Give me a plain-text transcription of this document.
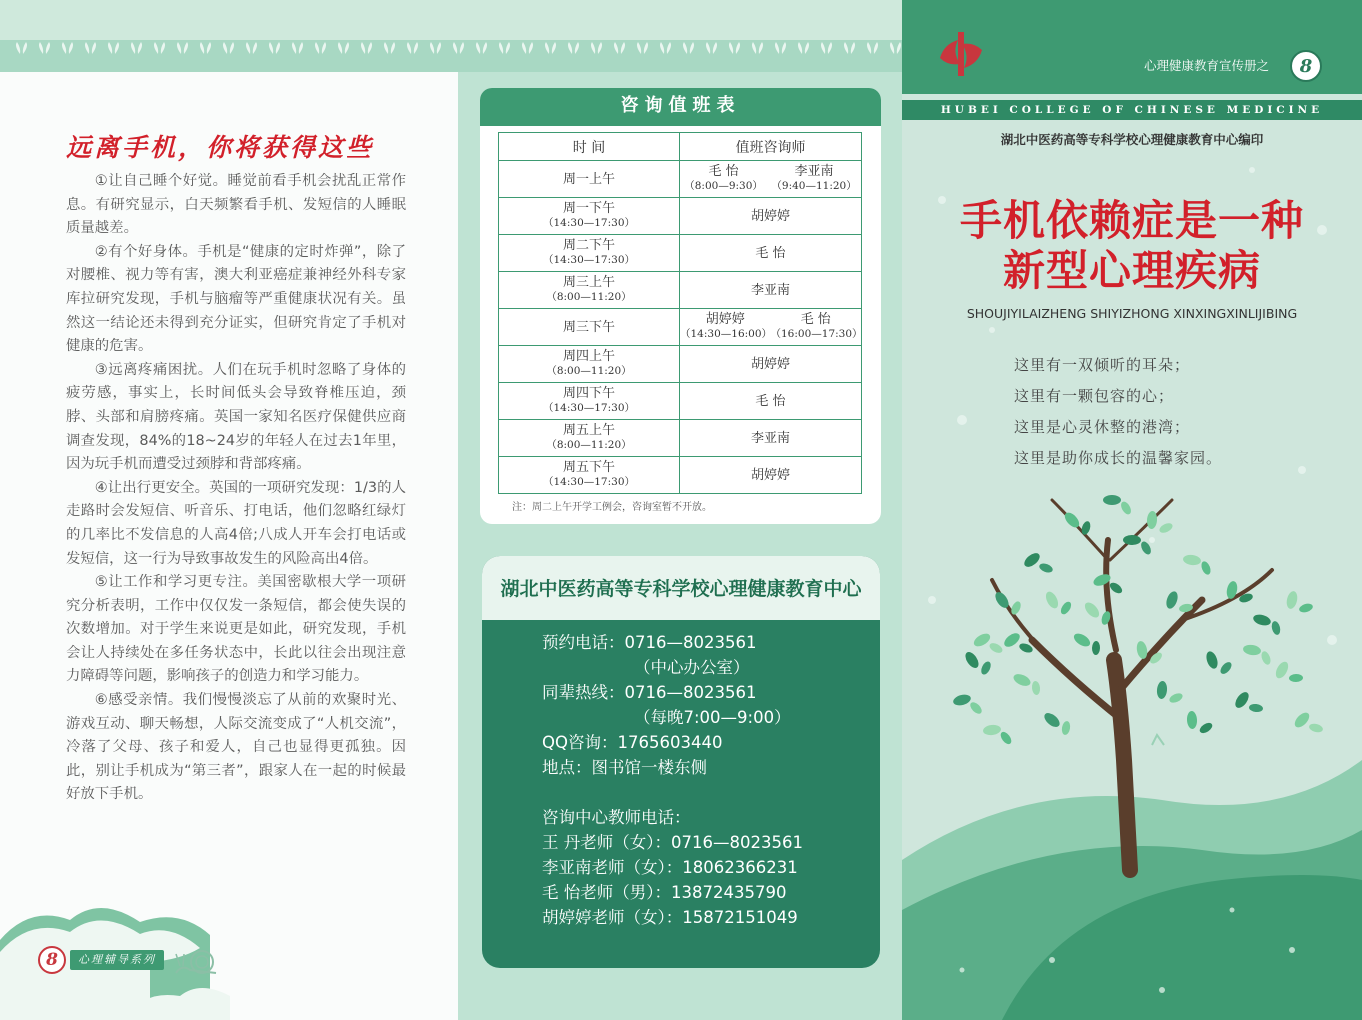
远离手机，你将获得这些

①让自己睡个好觉。睡觉前看手机会扰乱正常作息。有研究显示，白天频繁看手机、发短信的人睡眠质量越差。

②有个好身体。手机是“健康的定时炸弹”，除了对腰椎、视力等有害，澳大利亚癌症兼神经外科专家库拉研究发现，手机与脑瘤等严重健康状况有关。虽然这一结论还未得到充分证实，但研究肯定了手机对健康的危害。

③远离疼痛困扰。人们在玩手机时忽略了身体的疲劳感，事实上，长时间低头会导致脊椎压迫，颈脖、头部和肩膀疼痛。英国一家知名医疗保健供应商调查发现，84%的18~24岁的年轻人在过去1年里，因为玩手机而遭受过颈脖和背部疼痛。

④让出行更安全。英国的一项研究发现：1/3的人走路时会发短信、听音乐、打电话，他们忽略红绿灯的几率比不发信息的人高4倍;八成人开车会打电话或发短信，这一行为导致事故发生的风险高出4倍。

⑤让工作和学习更专注。美国密歇根大学一项研究分析表明，工作中仅仅发一条短信，都会使失误的次数增加。对于学生来说更是如此，研究发现，手机会让人持续处在多任务状态中，长此以往会出现注意力障碍等问题，影响孩子的创造力和学习能力。

⑥感受亲情。我们慢慢淡忘了从前的欢聚时光、游戏互动、聊天畅想，人际交流变成了“人机交流”，冷落了父母、孩子和爱人，自己也显得更孤独。因此，别让手机成为“第三者”，跟家人在一起的时候最好放下手机。

8	心理辅导系列
咨询值班表
时 间	值班咨询师

周一上午	毛 怡
（8:00—9:30）
李亚南
（9:40—11:20）

周一下午
（14:30—17:30）	胡婷婷

周二下午
（14:30—17:30）	毛 怡

周三上午
（8:00—11:20）	李亚南

周三下午	胡婷婷
（14:30—16:00）
毛 怡
（16:00—17:30）

周四上午
（8:00—11:20）	胡婷婷

周四下午
（14:30—17:30）	毛 怡

周五上午
（8:00—11:20）	李亚南

周五下午
（14:30—17:30）	胡婷婷
注：周二上午开学工例会，咨询室暂不开放。
湖北中医药高等专科学校心理健康教育中心
预约电话：0716—8023561
（中心办公室）
同辈热线：0716—8023561
（每晚7:00—9:00）
QQ咨询：1765603440
地点：图书馆一楼东侧
咨询中心教师电话：
王 丹老师（女）：0716—8023561
李亚南老师（女）：18062366231
毛 怡老师（男）：13872435790
胡婷婷老师（女）：15872151049
心理健康教育宣传册之	8
HUBEI COLLEGE OF CHINESE MEDICINE
湖北中医药高等专科学校心理健康教育中心编印
手机依赖症是一种
新型心理疾病
SHOUJIYILAIZHENG SHIYIZHONG XINXINGXINLIJIBING
这里有一双倾听的耳朵；
这里有一颗包容的心；
这里是心灵休整的港湾；
这里是助你成长的温馨家园。
